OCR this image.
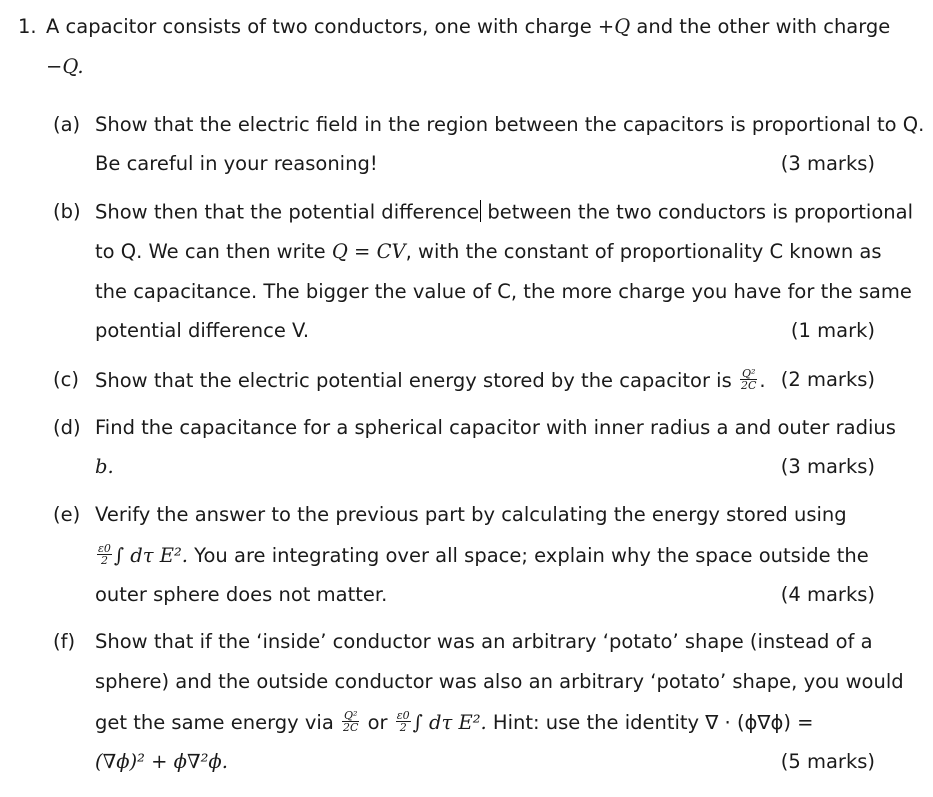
1. A capacitor consists of two conductors, one with charge +Q and the other with charge
−Q.
(a) Show that the electric field in the region between the capacitors is proportional to Q.
Be careful in your reasoning!	(3 marks)
(b) Show then that the potential difference between the two conductors is proportional
to Q. We can then write Q = CV, with the constant of proportionality C known as
the capacitance. The bigger the value of C, the more charge you have for the same
potential difference V.	(1 mark)
(c) Show that the electric potential energy stored by the capacitor is $\frac{\text{Q²}}{2C}$ . (2 marks)
(d) Find the capacitance for a spherical capacitor with inner radius a and outer radius
b.	(3 marks)
(e) Verify the answer to the previous part by calculating the energy stored using
$\frac{\varepsilon 0}{2}$ ∫ dτ E². You are integrating over all space; explain why the space outside the
outer sphere does not matter.	(4 marks)
(f) Show that if the ‘inside’ conductor was an arbitrary ‘potato’ shape (instead of a
sphere) and the outside conductor was also an arbitrary ‘potato’ shape, you would
get the same energy via $\frac{\text{Q²}}{2C}$ or $\frac{\varepsilon 0}{2}$ ∫ dτ E². Hint: use the identity ∇ · (ϕ∇ϕ) =
(∇ϕ)² + ϕ∇²ϕ.	(5 marks)
